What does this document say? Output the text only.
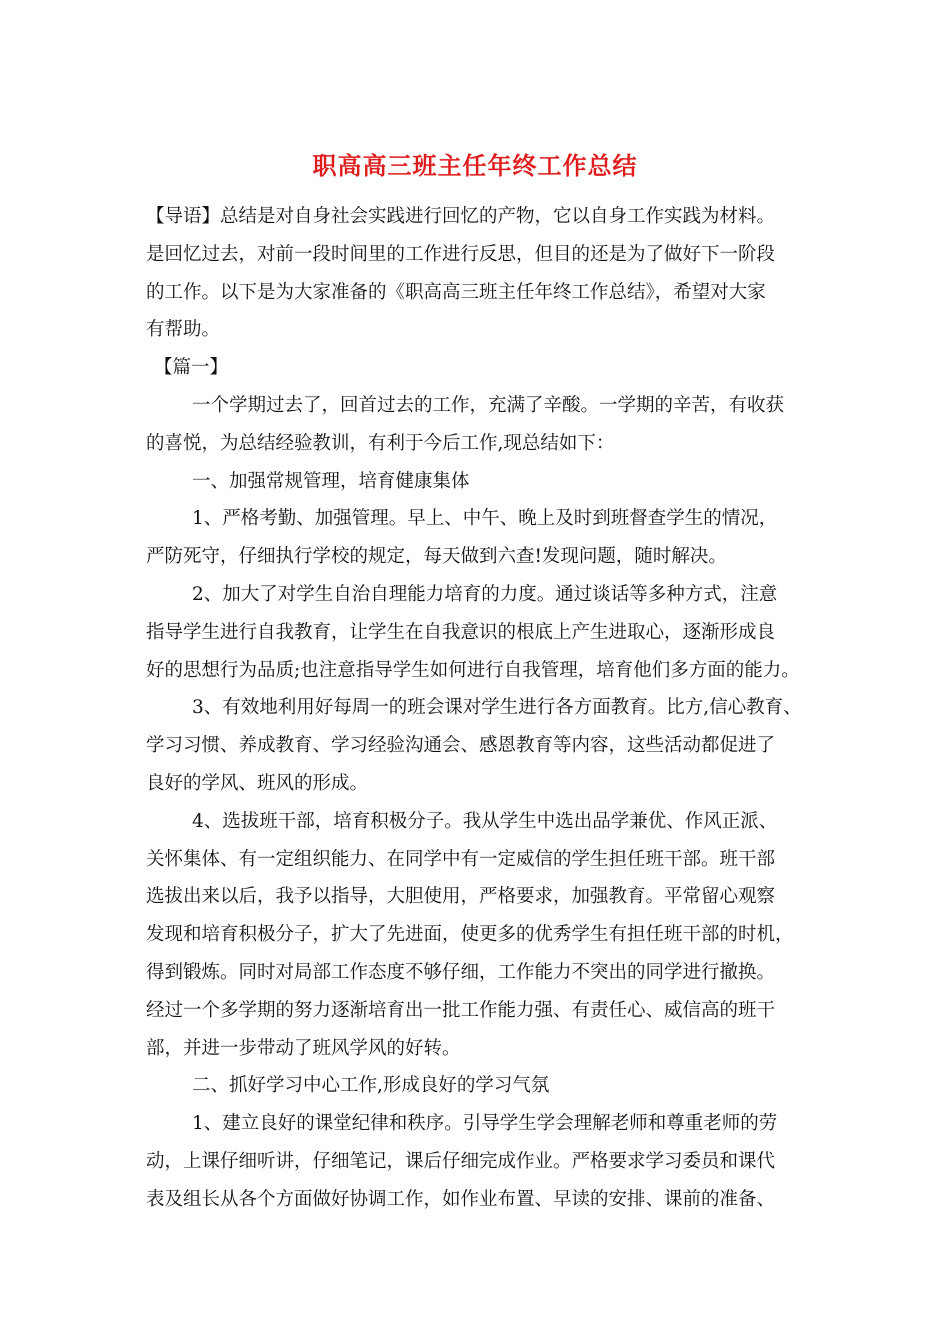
职高高三班主任年终工作总结
【导语】总结是对自身社会实践进行回忆的产物，它以自身工作实践为材料。
是回忆过去，对前一段时间里的工作进行反思，但目的还是为了做好下一阶段
的工作。以下是为大家准备的《职高高三班主任年终工作总结》，希望对大家
有帮助。
【篇一】
一个学期过去了，回首过去的工作，充满了辛酸。一学期的辛苦，有收获
的喜悦，为总结经验教训，有利于今后工作,现总结如下：
一、加强常规管理，培育健康集体
1、严格考勤、加强管理。早上、中午、晚上及时到班督查学生的情况，
严防死守，仔细执行学校的规定，每天做到六查!发现问题，随时解决。
2、加大了对学生自治自理能力培育的力度。通过谈话等多种方式，注意
指导学生进行自我教育，让学生在自我意识的根底上产生进取心，逐渐形成良
好的思想行为品质;也注意指导学生如何进行自我管理，培育他们多方面的能力。
3、有效地利用好每周一的班会课对学生进行各方面教育。比方,信心教育、
学习习惯、养成教育、学习经验沟通会、感恩教育等内容，这些活动都促进了
良好的学风、班风的形成。
4、选拔班干部，培育积极分子。我从学生中选出品学兼优、作风正派、
关怀集体、有一定组织能力、在同学中有一定威信的学生担任班干部。班干部
选拔出来以后，我予以指导，大胆使用，严格要求，加强教育。平常留心观察
发现和培育积极分子，扩大了先进面，使更多的优秀学生有担任班干部的时机，
得到锻炼。同时对局部工作态度不够仔细，工作能力不突出的同学进行撤换。
经过一个多学期的努力逐渐培育出一批工作能力强、有责任心、威信高的班干
部，并进一步带动了班风学风的好转。
二、抓好学习中心工作,形成良好的学习气氛
1、建立良好的课堂纪律和秩序。引导学生学会理解老师和尊重老师的劳
动，上课仔细听讲，仔细笔记，课后仔细完成作业。严格要求学习委员和课代
表及组长从各个方面做好协调工作，如作业布置、早读的安排、课前的准备、
